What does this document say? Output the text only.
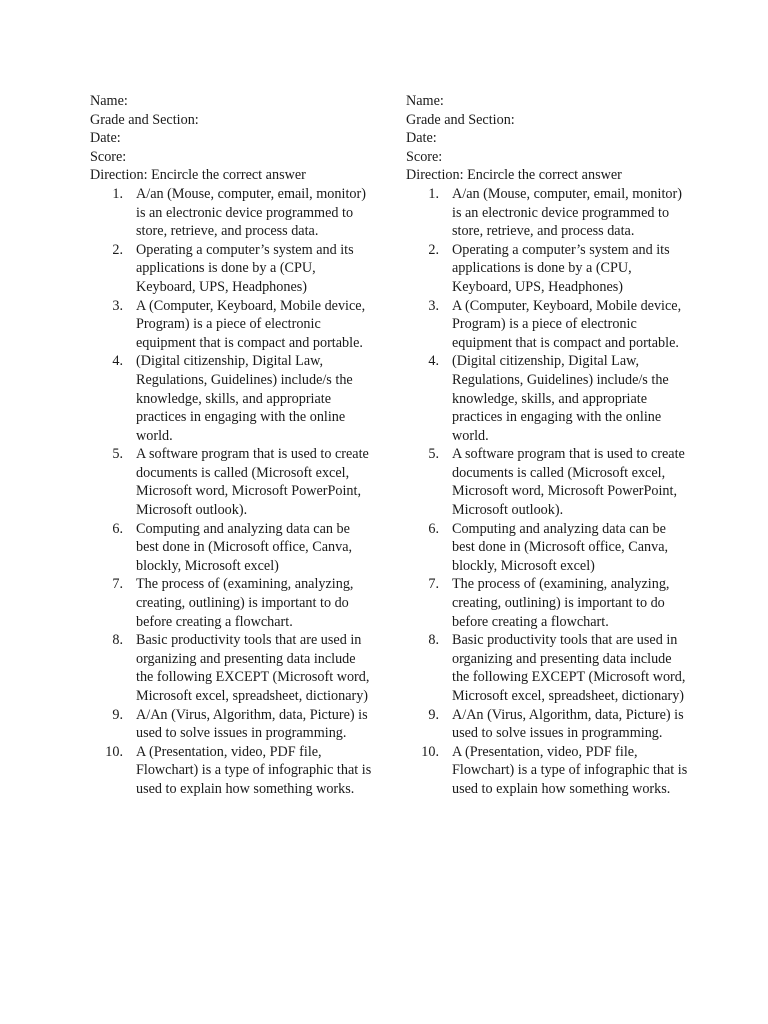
Name:
Grade and Section:
Date:
Score:
Direction: Encircle the correct answer
1. A/an (Mouse, computer, email, monitor) is an electronic device programmed to store, retrieve, and process data.
2. Operating a computer’s system and its applications is done by a (CPU, Keyboard, UPS, Headphones)
3. A (Computer, Keyboard, Mobile device, Program) is a piece of electronic equipment that is compact and portable.
4. (Digital citizenship, Digital Law, Regulations, Guidelines) include/s the knowledge, skills, and appropriate practices in engaging with the online world.
5. A software program that is used to create documents is called (Microsoft excel, Microsoft word, Microsoft PowerPoint, Microsoft outlook).
6. Computing and analyzing data can be best done in (Microsoft office, Canva, blockly, Microsoft excel)
7. The process of (examining, analyzing, creating, outlining) is important to do before creating a flowchart.
8. Basic productivity tools that are used in organizing and presenting data include the following EXCEPT (Microsoft word, Microsoft excel, spreadsheet, dictionary)
9. A/An (Virus, Algorithm, data, Picture) is used to solve issues in programming.
10. A (Presentation, video, PDF file, Flowchart) is a type of infographic that is used to explain how something works.
Name:
Grade and Section:
Date:
Score:
Direction: Encircle the correct answer
1. A/an (Mouse, computer, email, monitor) is an electronic device programmed to store, retrieve, and process data.
2. Operating a computer’s system and its applications is done by a (CPU, Keyboard, UPS, Headphones)
3. A (Computer, Keyboard, Mobile device, Program) is a piece of electronic equipment that is compact and portable.
4. (Digital citizenship, Digital Law, Regulations, Guidelines) include/s the knowledge, skills, and appropriate practices in engaging with the online world.
5. A software program that is used to create documents is called (Microsoft excel, Microsoft word, Microsoft PowerPoint, Microsoft outlook).
6. Computing and analyzing data can be best done in (Microsoft office, Canva, blockly, Microsoft excel)
7. The process of (examining, analyzing, creating, outlining) is important to do before creating a flowchart.
8. Basic productivity tools that are used in organizing and presenting data include the following EXCEPT (Microsoft word, Microsoft excel, spreadsheet, dictionary)
9. A/An (Virus, Algorithm, data, Picture) is used to solve issues in programming.
10. A (Presentation, video, PDF file, Flowchart) is a type of infographic that is used to explain how something works.
